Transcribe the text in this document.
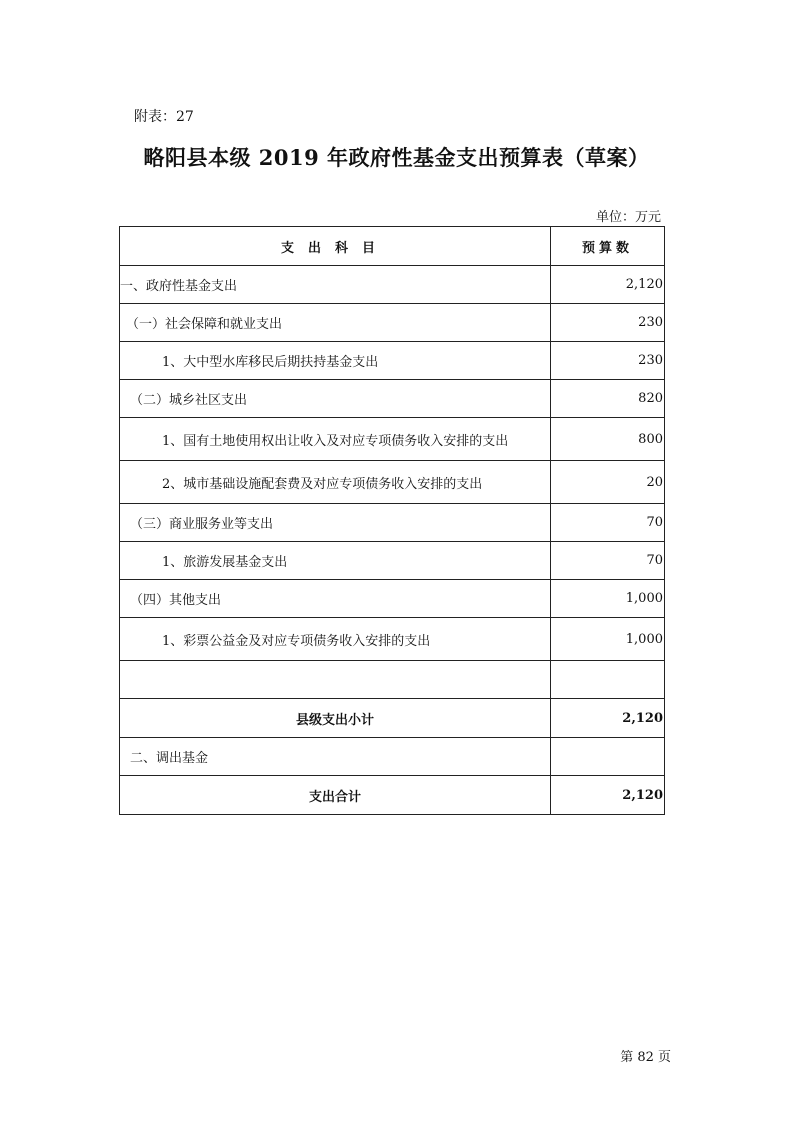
附表：27
略阳县本级 2019 年政府性基金支出预算表（草案）
单位：万元
支出科目	预算数
一、政府性基金支出	2,120
（一）社会保障和就业支出	230
1、大中型水库移民后期扶持基金支出	230
（二）城乡社区支出	820
1、国有土地使用权出让收入及对应专项债务收入安排的支出	800
2、城市基础设施配套费及对应专项债务收入安排的支出	20
（三）商业服务业等支出	70
1、旅游发展基金支出	70
（四）其他支出	1,000
1、彩票公益金及对应专项债务收入安排的支出	1,000

县级支出小计	2,120
二、调出基金	
支出合计	2,120
第 82 页
